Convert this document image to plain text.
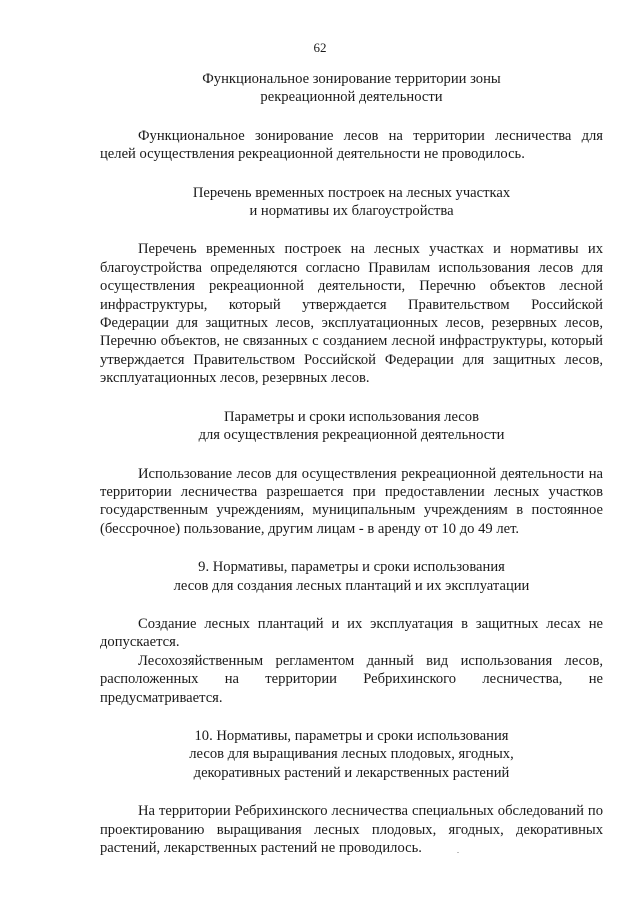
62
Функциональное зонирование территории зоны
рекреационной деятельности

Функциональное зонирование лесов на территории лесничества для целей осуществления рекреационной деятельности не проводилось.

Перечень временных построек на лесных участках
и нормативы их благоустройства

Перечень временных построек на лесных участках и нормативы их благоустройства определяются согласно Правилам использования лесов для осуществления рекреационной деятельности, Перечню объектов лесной инфраструктуры, который утверждается Правительством Российской Федерации для защитных лесов, эксплуатационных лесов, резервных лесов, Перечню объектов, не связанных с созданием лесной инфраструктуры, который утверждается Правительством Российской Федерации для защитных лесов, эксплуатационных лесов, резервных лесов.

Параметры и сроки использования лесов
для осуществления рекреационной деятельности

Использование лесов для осуществления рекреационной деятельности на территории лесничества разрешается при предоставлении лесных участков государственным учреждениям, муниципальным учреждениям в постоянное (бессрочное) пользование, другим лицам - в аренду от 10 до 49 лет.

9. Нормативы, параметры и сроки использования
лесов для создания лесных плантаций и их эксплуатации

Создание лесных плантаций и их эксплуатация в защитных лесах не допускается.

Лесохозяйственным регламентом данный вид использования лесов, расположенных на территории Ребрихинского лесничества, не предусматривается.

10. Нормативы, параметры и сроки использования
лесов для выращивания лесных плодовых, ягодных,
декоративных растений и лекарственных растений

На территории Ребрихинского лесничества специальных обследований по проектированию выращивания лесных плодовых, ягодных, декоративных растений, лекарственных растений не проводилось.
